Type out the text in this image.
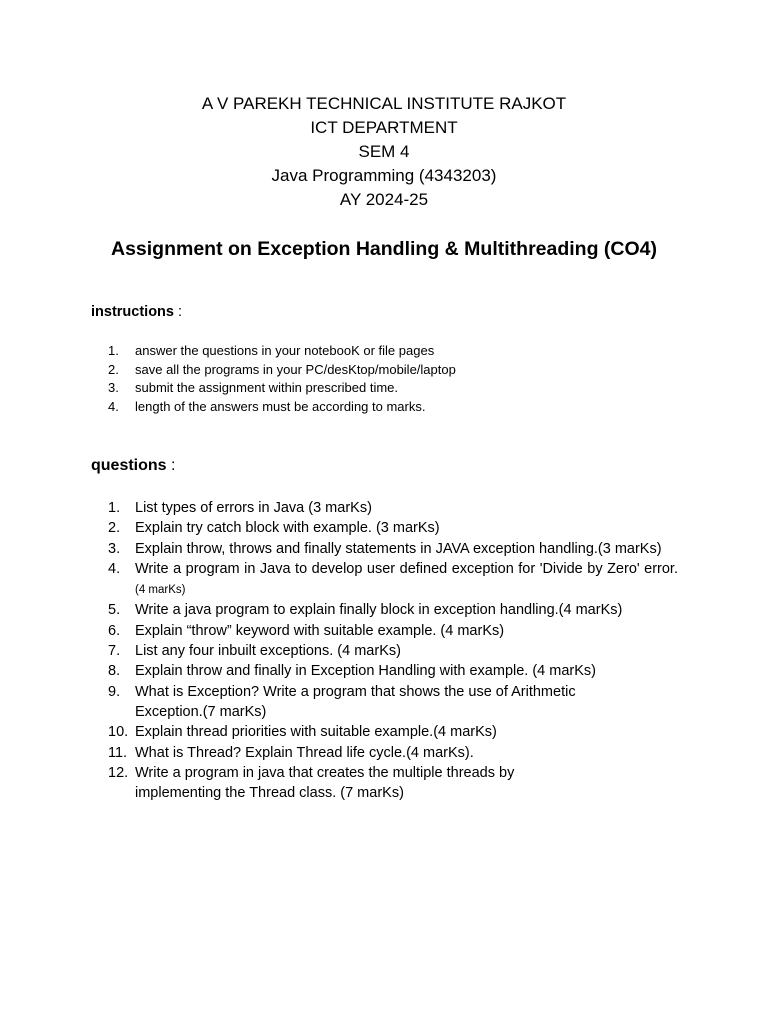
A V PAREKH TECHNICAL INSTITUTE RAJKOT
ICT DEPARTMENT
SEM 4
Java Programming (4343203)
AY 2024-25
Assignment on Exception Handling & Multithreading (CO4)
instructions :
1.	answer the questions in your notebooK or file pages
2.	save all the programs in your PC/desKtop/mobile/laptop
3.	submit the assignment within prescribed time.
4.	length of the answers must be according to marks.
questions :
1.	List types of errors in Java (3 marKs)
2.	Explain try catch block with example. (3 marKs)
3.	Explain throw, throws and finally statements in JAVA exception handling.(3 marKs)
4.	Write a program in Java to develop user defined exception for 'Divide by Zero' error.(4 marKs)
5.	Write a java program to explain finally block in exception handling.(4 marKs)
6.	Explain “throw” keyword with suitable example. (4 marKs)
7.	List any four inbuilt exceptions. (4 marKs)
8.	Explain throw and finally in Exception Handling with example. (4 marKs)
9.	What is Exception? Write a program that shows the use of Arithmetic Exception.(7 marKs)
10. Explain thread priorities with suitable example.(4 marKs)
11. What is Thread? Explain Thread life cycle.(4 marKs).
12. Write a program in java that creates the multiple threads by implementing the Thread class. (7 marKs)
